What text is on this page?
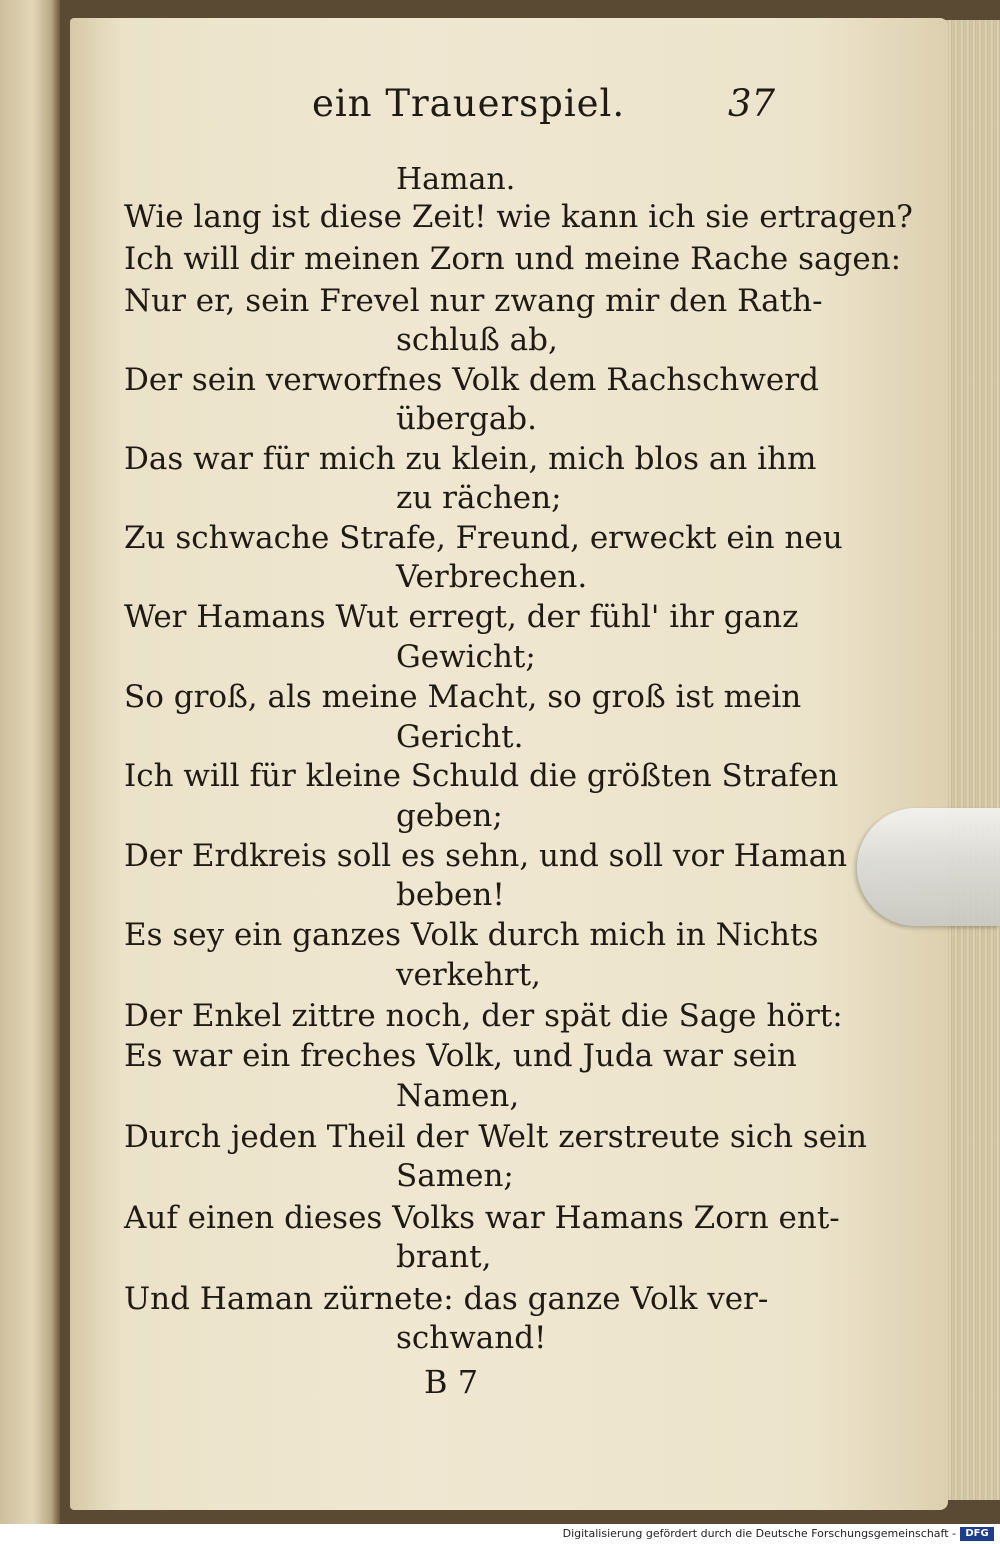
ein Trauerspiel.	37
Haman.
Wie lang ist diese Zeit! wie kann ich sie ertragen?
Ich will dir meinen Zorn und meine Rache sagen:
Nur er, sein Frevel nur zwang mir den Rath-
schluß ab,
Der sein verworfnes Volk dem Rachschwerd
übergab.
Das war für mich zu klein, mich blos an ihm
zu rächen;
Zu schwache Strafe, Freund, erweckt ein neu
Verbrechen.
Wer Hamans Wut erregt, der fühl' ihr ganz
Gewicht;
So groß, als meine Macht, so groß ist mein
Gericht.
Ich will für kleine Schuld die größten Strafen
geben;
Der Erdkreis soll es sehn, und soll vor Haman
beben!
Es sey ein ganzes Volk durch mich in Nichts
verkehrt,
Der Enkel zittre noch, der spät die Sage hört:
Es war ein freches Volk, und Juda war sein
Namen,
Durch jeden Theil der Welt zerstreute sich sein
Samen;
Auf einen dieses Volks war Hamans Zorn ent-
brant,
Und Haman zürnete: das ganze Volk ver-
schwand!
B 7
Digitalisierung gefördert durch die Deutsche Forschungsgemeinschaft - DFG
